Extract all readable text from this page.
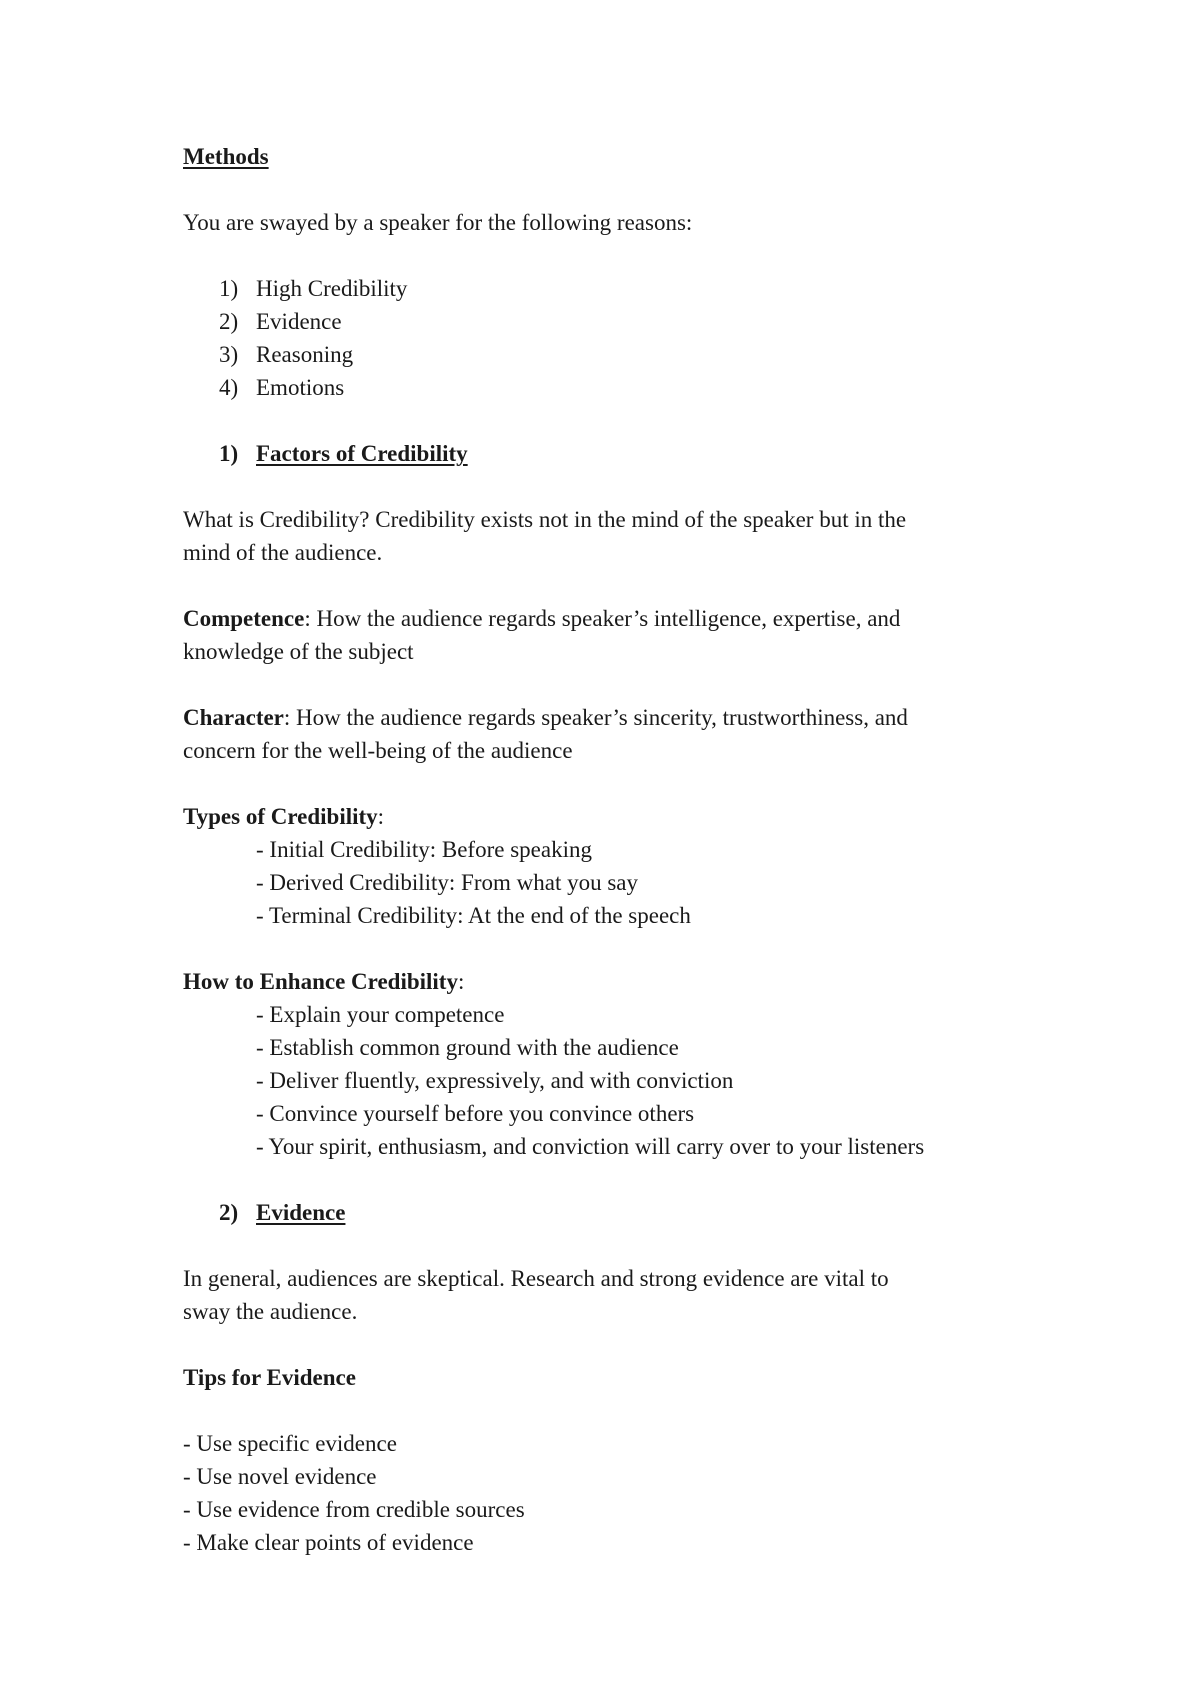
Methods
You are swayed by a speaker for the following reasons:
1) High Credibility
2) Evidence
3) Reasoning
4) Emotions
1) Factors of Credibility
What is Credibility? Credibility exists not in the mind of the speaker but in the
mind of the audience.
Competence: How the audience regards speaker’s intelligence, expertise, and
knowledge of the subject
Character: How the audience regards speaker’s sincerity, trustworthiness, and
concern for the well-being of the audience
Types of Credibility:
- Initial Credibility: Before speaking
- Derived Credibility: From what you say
- Terminal Credibility: At the end of the speech
How to Enhance Credibility:
- Explain your competence
- Establish common ground with the audience
- Deliver fluently, expressively, and with conviction
- Convince yourself before you convince others
- Your spirit, enthusiasm, and conviction will carry over to your listeners
2) Evidence
In general, audiences are skeptical. Research and strong evidence are vital to
sway the audience.
Tips for Evidence
- Use specific evidence
- Use novel evidence
- Use evidence from credible sources
- Make clear points of evidence
